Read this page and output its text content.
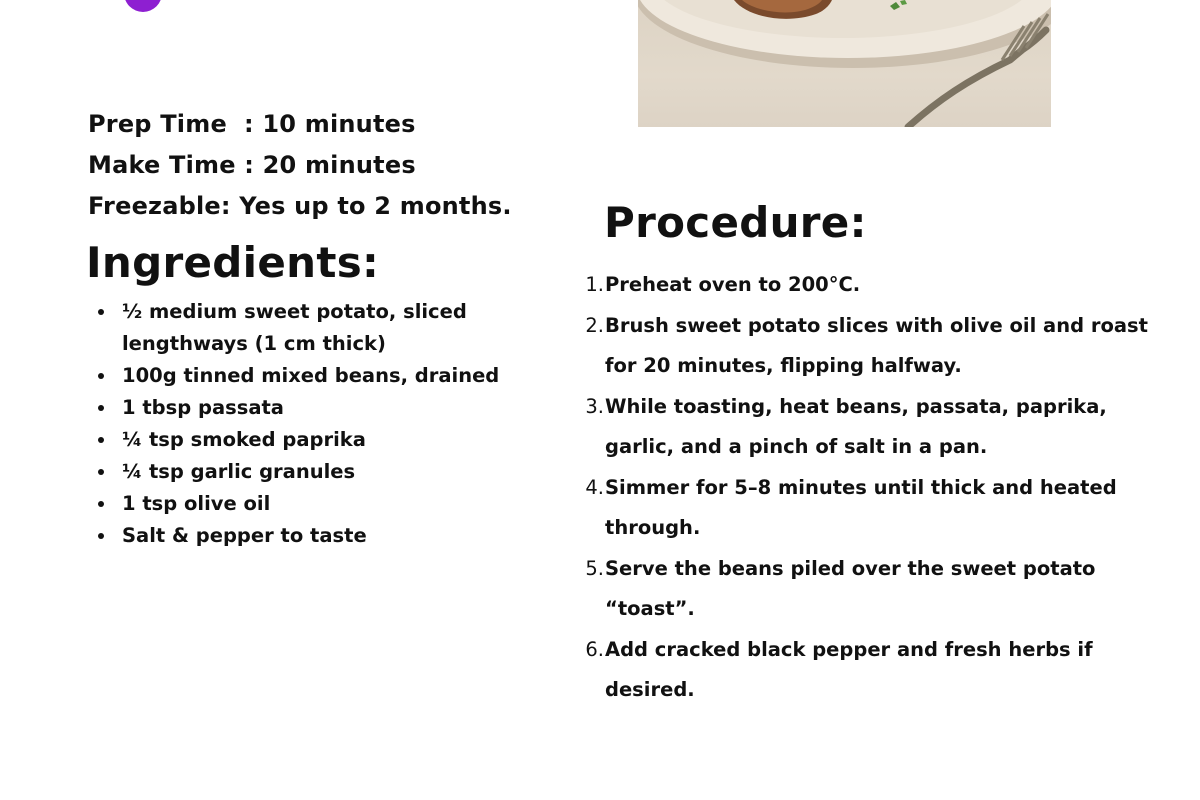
Prep Time  : 10 minutes
Make Time : 20 minutes
Freezable: Yes up to 2 months.
Ingredients:
½ medium sweet potato, sliced lengthways (1 cm thick)
100g tinned mixed beans, drained
1 tbsp passata
¼ tsp smoked paprika
¼ tsp garlic granules
1 tsp olive oil
Salt & pepper to taste
Procedure:
1. Preheat oven to 200°C.
2. Brush sweet potato slices with olive oil and roast for 20 minutes, flipping halfway.
3. While toasting, heat beans, passata, paprika, garlic, and a pinch of salt in a pan.
4. Simmer for 5–8 minutes until thick and heated through.
5. Serve the beans piled over the sweet potato “toast”.
6. Add cracked black pepper and fresh herbs if desired.
